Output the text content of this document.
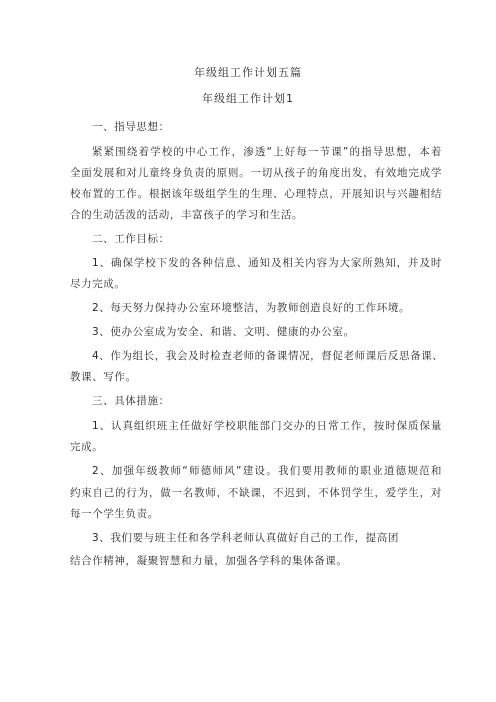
年级组工作计划五篇
年级组工作计划1
一、指导思想：
紧紧围绕着学校的中心工作，渗透“上好每一节课”的指导思想，本着
全面发展和对儿童终身负责的原则。一切从孩子的角度出发，有效地完成学
校布置的工作。根据该年级组学生的生理、心理特点，开展知识与兴趣相结
合的生动活泼的活动，丰富孩子的学习和生活。
二、工作目标：
1、确保学校下发的各种信息、通知及相关内容为大家所熟知，并及时
尽力完成。
2、每天努力保持办公室环境整洁，为教师创造良好的工作环境。
3、使办公室成为安全、和谐、文明、健康的办公室。
4、作为组长，我会及时检查老师的备课情况，督促老师课后反思备课、
教课、写作。
三、具体措施：
1、认真组织班主任做好学校职能部门交办的日常工作，按时保质保量
完成。
2、加强年级教师“师德师风”建设。我们要用教师的职业道德规范和
约束自己的行为，做一名教师，不缺课，不迟到，不体罚学生，爱学生，对
每一个学生负责。
3、我们要与班主任和各学科老师认真做好自己的工作，提高团
结合作精神，凝聚智慧和力量，加强各学科的集体备课。
